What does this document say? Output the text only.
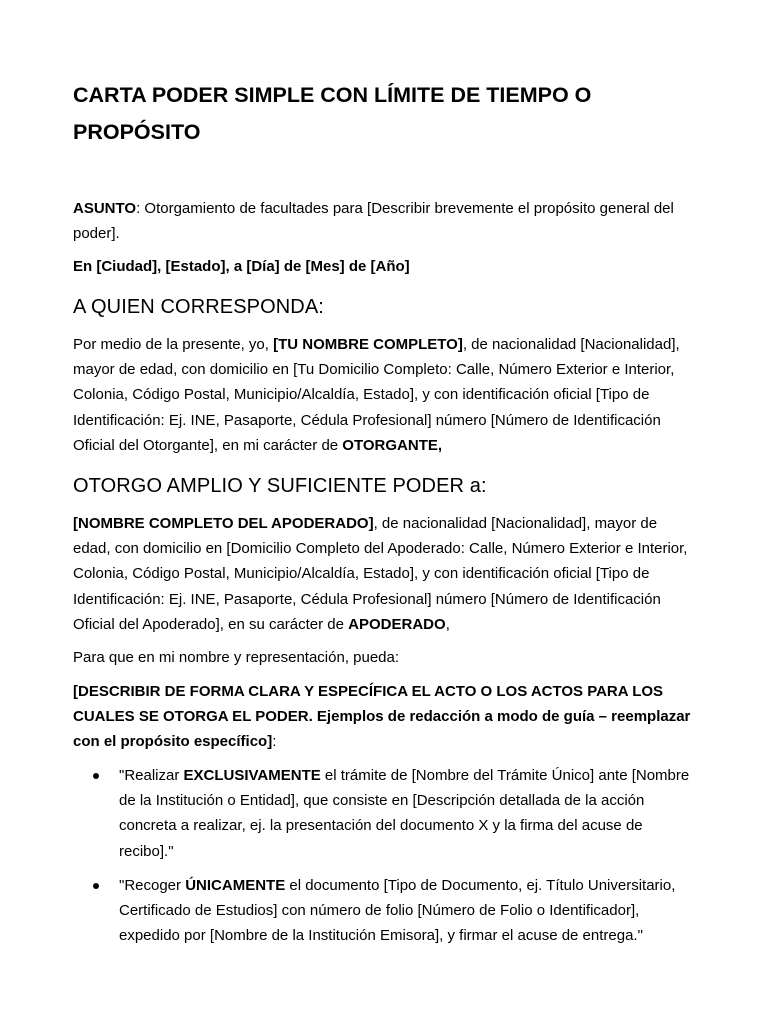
CARTA PODER SIMPLE CON LÍMITE DE TIEMPO O PROPÓSITO

ASUNTO: Otorgamiento de facultades para [Describir brevemente el propósito general del poder].

En [Ciudad], [Estado], a [Día] de [Mes] de [Año]

A QUIEN CORRESPONDA:

Por medio de la presente, yo, [TU NOMBRE COMPLETO], de nacionalidad [Nacionalidad], mayor de edad, con domicilio en [Tu Domicilio Completo: Calle, Número Exterior e Interior, Colonia, Código Postal, Municipio/Alcaldía, Estado], y con identificación oficial [Tipo de Identificación: Ej. INE, Pasaporte, Cédula Profesional] número [Número de Identificación Oficial del Otorgante], en mi carácter de OTORGANTE,

OTORGO AMPLIO Y SUFICIENTE PODER a:

[NOMBRE COMPLETO DEL APODERADO], de nacionalidad [Nacionalidad], mayor de edad, con domicilio en [Domicilio Completo del Apoderado: Calle, Número Exterior e Interior, Colonia, Código Postal, Municipio/Alcaldía, Estado], y con identificación oficial [Tipo de Identificación: Ej. INE, Pasaporte, Cédula Profesional] número [Número de Identificación Oficial del Apoderado], en su carácter de APODERADO,

Para que en mi nombre y representación, pueda:

[DESCRIBIR DE FORMA CLARA Y ESPECÍFICA EL ACTO O LOS ACTOS PARA LOS CUALES SE OTORGA EL PODER. Ejemplos de redacción a modo de guía – reemplazar con el propósito específico]:

"Realizar EXCLUSIVAMENTE el trámite de [Nombre del Trámite Único] ante [Nombre de la Institución o Entidad], que consiste en [Descripción detallada de la acción concreta a realizar, ej. la presentación del documento X y la firma del acuse de recibo]."
"Recoger ÚNICAMENTE el documento [Tipo de Documento, ej. Título Universitario, Certificado de Estudios] con número de folio [Número de Folio o Identificador], expedido por [Nombre de la Institución Emisora], y firmar el acuse de entrega."
